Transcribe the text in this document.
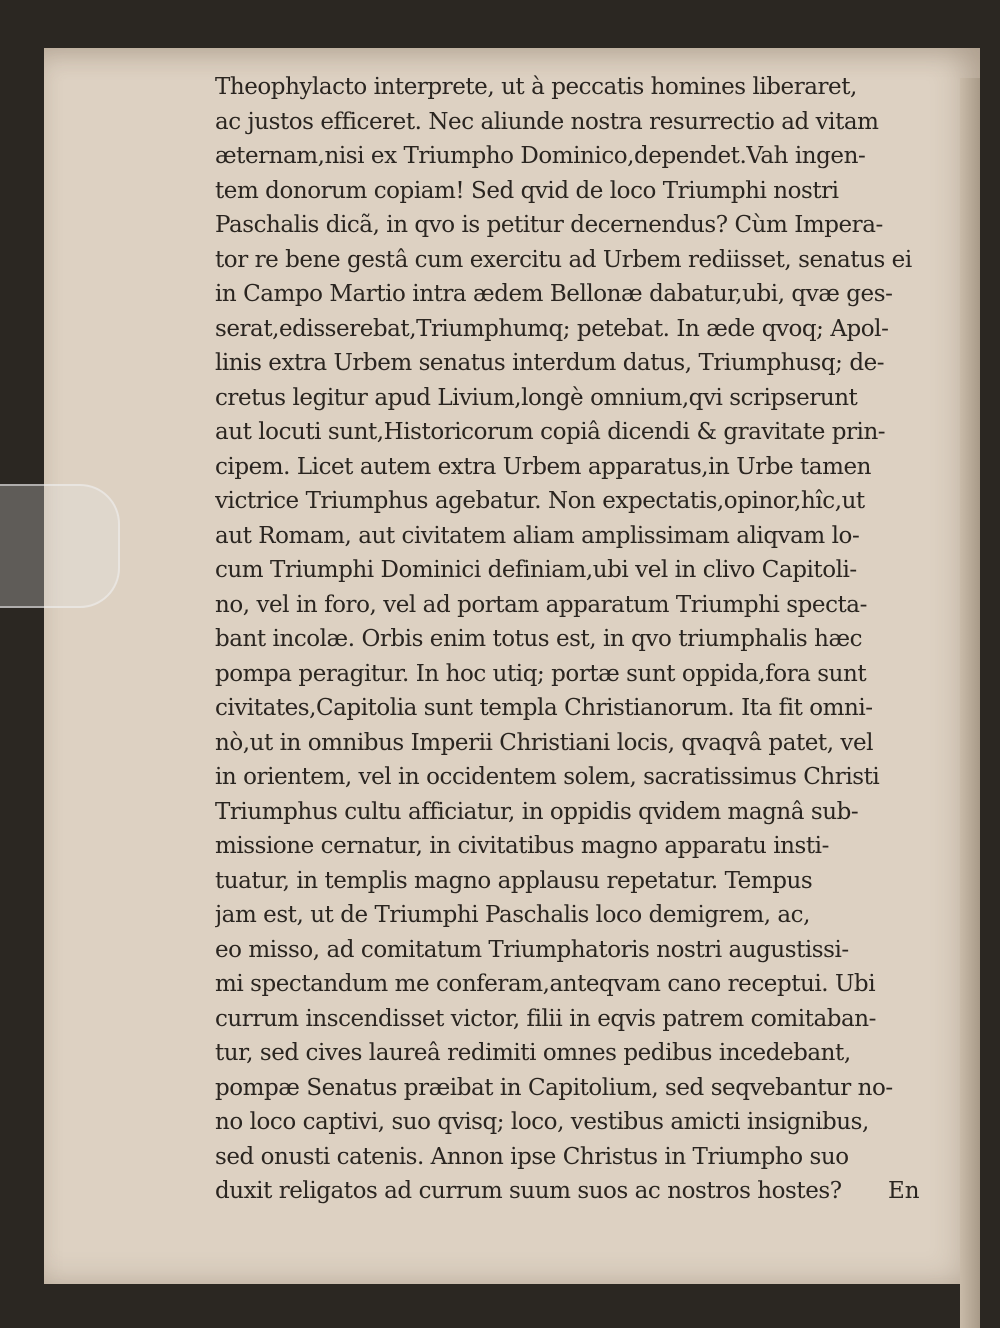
Theophylacto interprete, ut à peccatis homines liberaret,
ac justos efficeret. Nec aliunde nostra resurrectio ad vitam
æternam,nisi ex Triumpho Dominico,dependet.Vah ingen-
tem donorum copiam! Sed qvid de loco Triumphi nostri
Paschalis dicã, in qvo is petitur decernendus? Cùm Impera-
tor re bene gestâ cum exercitu ad Urbem rediisset, senatus ei
in Campo Martio intra ædem Bellonæ dabatur,ubi, qvæ ges-
serat,edisserebat,Triumphumq; petebat. In æde qvoq; Apol-
linis extra Urbem senatus interdum datus, Triumphusq; de-
cretus legitur apud Livium,longè omnium,qvi scripserunt
aut locuti sunt,Historicorum copiâ dicendi & gravitate prin-
cipem. Licet autem extra Urbem apparatus,in Urbe tamen
victrice Triumphus agebatur. Non expectatis,opinor,hîc,ut
aut Romam, aut civitatem aliam amplissimam aliqvam lo-
cum Triumphi Dominici definiam,ubi vel in clivo Capitoli-
no, vel in foro, vel ad portam apparatum Triumphi specta-
bant incolæ. Orbis enim totus est, in qvo triumphalis hæc
pompa peragitur. In hoc utiq; portæ sunt oppida,fora sunt
civitates,Capitolia sunt templa Christianorum. Ita fit omni-
nò,ut in omnibus Imperii Christiani locis, qvaqvâ patet, vel
in orientem, vel in occidentem solem, sacratissimus Christi
Triumphus cultu afficiatur, in oppidis qvidem magnâ sub-
missione cernatur, in civitatibus magno apparatu insti-
tuatur, in templis magno applausu repetatur. Tempus
jam est, ut de Triumphi Paschalis loco demigrem, ac,
eo misso, ad comitatum Triumphatoris nostri augustissi-
mi spectandum me conferam,anteqvam cano receptui. Ubi
currum inscendisset victor, filii in eqvis patrem comitaban-
tur, sed cives laureâ redimiti omnes pedibus incedebant,
pompæ Senatus præibat in Capitolium, sed seqvebantur no-
no loco captivi, suo qvisq; loco, vestibus amicti insignibus,
sed onusti catenis. Annon ipse Christus in Triumpho suo
duxit religatos ad currum suum suos ac nostros hostes?	En
